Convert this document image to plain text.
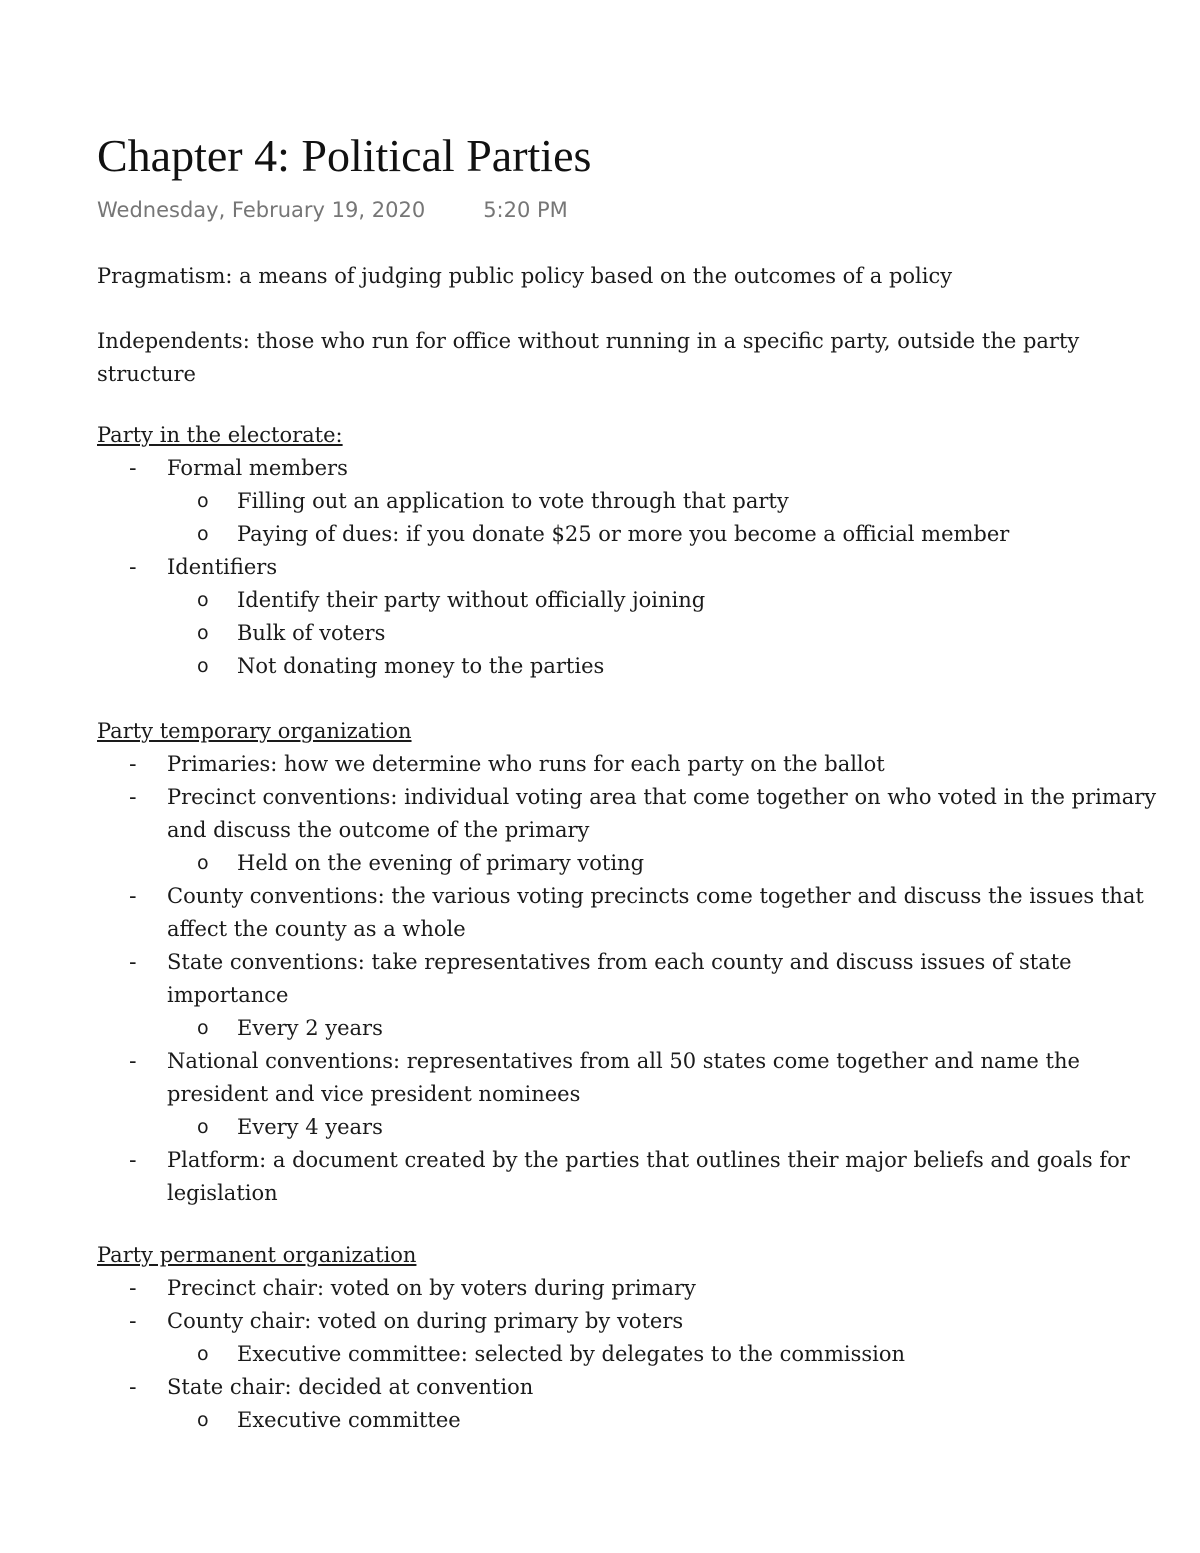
Chapter 4: Political Parties
Wednesday, February 19, 2020	5:20 PM

Pragmatism: a means of judging public policy based on the outcomes of a policy

Independents: those who run for office without running in a specific party, outside the party
structure

Party in the electorate:
- Formal members
o Filling out an application to vote through that party
o Paying of dues: if you donate $25 or more you become a official member
- Identifiers
o Identify their party without officially joining
o Bulk of voters
o Not donating money to the parties
Party temporary organization
- Primaries: how we determine who runs for each party on the ballot
- Precinct conventions: individual voting area that come together on who voted in the primary
and discuss the outcome of the primary
o Held on the evening of primary voting
- County conventions: the various voting precincts come together and discuss the issues that
affect the county as a whole
- State conventions: take representatives from each county and discuss issues of state
importance
o Every 2 years
- National conventions: representatives from all 50 states come together and name the
president and vice president nominees
o Every 4 years
- Platform: a document created by the parties that outlines their major beliefs and goals for
legislation
Party permanent organization
- Precinct chair: voted on by voters during primary
- County chair: voted on during primary by voters
o Executive committee: selected by delegates to the commission
- State chair: decided at convention
o Executive committee
